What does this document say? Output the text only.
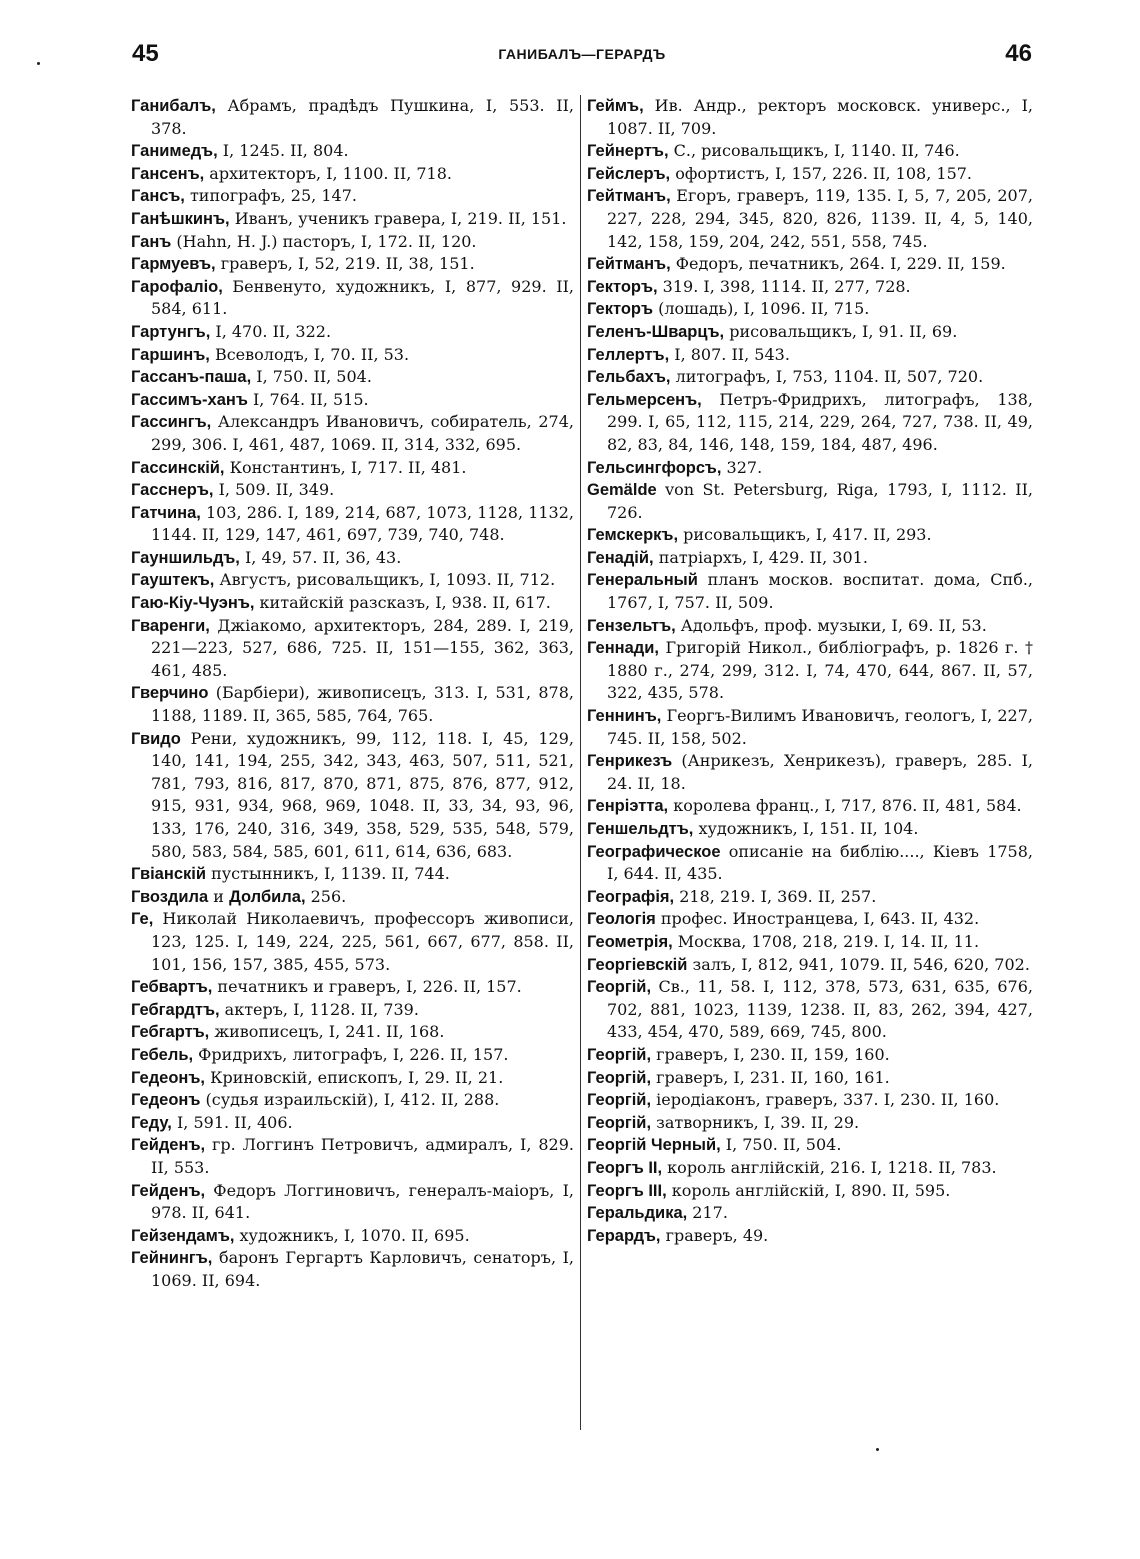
45	ГАНИБАЛЪ—ГЕРАРДЪ	46
Ганибалъ, Абрамъ, прадѣдъ Пушкина, I, 553. II, 378.
Ганимедъ, I, 1245. II, 804.
Гансенъ, архитекторъ, I, 1100. II, 718.
Гансъ, типографъ, 25, 147.
Ганѣшкинъ, Иванъ, ученикъ гравера, I, 219. II, 151.
Ганъ (Hahn, H. J.) пасторъ, I, 172. II, 120.
Гармуевъ, граверъ, I, 52, 219. II, 38, 151.
Гарофаліо, Бенвенуто, художникъ, I, 877, 929. II, 584, 611.
Гартунгъ, I, 470. II, 322.
Гаршинъ, Всеволодъ, I, 70. II, 53.
Гассанъ-паша, I, 750. II, 504.
Гассимъ-ханъ I, 764. II, 515.
Гассингъ, Александръ Ивановичъ, собиратель, 274, 299, 306. I, 461, 487, 1069. II, 314, 332, 695.
Гассинскій, Константинъ, I, 717. II, 481.
Гасснеръ, I, 509. II, 349.
Гатчина, 103, 286. I, 189, 214, 687, 1073, 1128, 1132, 1144. II, 129, 147, 461, 697, 739, 740, 748.
Гауншильдъ, I, 49, 57. II, 36, 43.
Гауштекъ, Августъ, рисовальщикъ, I, 1093. II, 712.
Гаю-Кіу-Чуэнъ, китайскій разсказъ, I, 938. II, 617.
Гваренги, Джіакомо, архитекторъ, 284, 289. I, 219, 221—223, 527, 686, 725. II, 151—155, 362, 363, 461, 485.
Гверчино (Барбіери), живописецъ, 313. I, 531, 878, 1188, 1189. II, 365, 585, 764, 765.
Гвидо Рени, художникъ, 99, 112, 118. I, 45, 129, 140, 141, 194, 255, 342, 343, 463, 507, 511, 521, 781, 793, 816, 817, 870, 871, 875, 876, 877, 912, 915, 931, 934, 968, 969, 1048. II, 33, 34, 93, 96, 133, 176, 240, 316, 349, 358, 529, 535, 548, 579, 580, 583, 584, 585, 601, 611, 614, 636, 683.
Гвіанскій пустынникъ, I, 1139. II, 744.
Гвоздила и Долбила, 256.
Ге, Николай Николаевичъ, профессоръ живописи, 123, 125. I, 149, 224, 225, 561, 667, 677, 858. II, 101, 156, 157, 385, 455, 573.
Гебвартъ, печатникъ и граверъ, I, 226. II, 157.
Гебгардтъ, актеръ, I, 1128. II, 739.
Гебгартъ, живописецъ, I, 241. II, 168.
Гебель, Фридрихъ, литографъ, I, 226. II, 157.
Гедеонъ, Криновскій, епископъ, I, 29. II, 21.
Гедеонъ (судья израильскій), I, 412. II, 288.
Геду, I, 591. II, 406.
Гейденъ, гр. Логгинъ Петровичъ, адмиралъ, I, 829. II, 553.
Гейденъ, Федоръ Логгиновичъ, генералъ-маіоръ, I, 978. II, 641.
Гейзендамъ, художникъ, I, 1070. II, 695.
Гейнингъ, баронъ Гергартъ Карловичъ, сенаторъ, I, 1069. II, 694.
Геймъ, Ив. Андр., ректоръ московск. универс., I, 1087. II, 709.
Гейнертъ, С., рисовальщикъ, I, 1140. II, 746.
Гейслеръ, офортистъ, I, 157, 226. II, 108, 157.
Гейтманъ, Егоръ, граверъ, 119, 135. I, 5, 7, 205, 207, 227, 228, 294, 345, 820, 826, 1139. II, 4, 5, 140, 142, 158, 159, 204, 242, 551, 558, 745.
Гейтманъ, Федоръ, печатникъ, 264. I, 229. II, 159.
Гекторъ, 319. I, 398, 1114. II, 277, 728.
Гекторъ (лошадь), I, 1096. II, 715.
Геленъ-Шварцъ, рисовальщикъ, I, 91. II, 69.
Геллертъ, I, 807. II, 543.
Гельбахъ, литографъ, I, 753, 1104. II, 507, 720.
Гельмерсенъ, Петръ-Фридрихъ, литографъ, 138, 299. I, 65, 112, 115, 214, 229, 264, 727, 738. II, 49, 82, 83, 84, 146, 148, 159, 184, 487, 496.
Гельсингфорсъ, 327.
Gemälde von St. Petersburg, Riga, 1793, I, 1112. II, 726.
Гемскеркъ, рисовальщикъ, I, 417. II, 293.
Генадій, патріархъ, I, 429. II, 301.
Генеральный планъ москов. воспитат. дома, Спб., 1767, I, 757. II, 509.
Гензельтъ, Адольфъ, проф. музыки, I, 69. II, 53.
Геннади, Григорій Никол., библіографъ, р. 1826 г. † 1880 г., 274, 299, 312. I, 74, 470, 644, 867. II, 57, 322, 435, 578.
Геннинъ, Георгъ-Вилимъ Ивановичъ, геологъ, I, 227, 745. II, 158, 502.
Генрикезъ (Анрикезъ, Хенрикезъ), граверъ, 285. I, 24. II, 18.
Генріэтта, королева франц., I, 717, 876. II, 481, 584.
Геншельдтъ, художникъ, I, 151. II, 104.
Географическое описаніе на библію...., Кіевъ 1758, I, 644. II, 435.
Географія, 218, 219. I, 369. II, 257.
Геологія профес. Иностранцева, I, 643. II, 432.
Геометрія, Москва, 1708, 218, 219. I, 14. II, 11.
Георгіевскій залъ, I, 812, 941, 1079. II, 546, 620, 702.
Георгій, Св., 11, 58. I, 112, 378, 573, 631, 635, 676, 702, 881, 1023, 1139, 1238. II, 83, 262, 394, 427, 433, 454, 470, 589, 669, 745, 800.
Георгій, граверъ, I, 230. II, 159, 160.
Георгій, граверъ, I, 231. II, 160, 161.
Георгій, іеродіаконъ, граверъ, 337. I, 230. II, 160.
Георгій, затворникъ, I, 39. II, 29.
Георгій Черный, I, 750. II, 504.
Георгъ II, король англійскій, 216. I, 1218. II, 783.
Георгъ III, король англійскій, I, 890. II, 595.
Геральдика, 217.
Герардъ, граверъ, 49.
